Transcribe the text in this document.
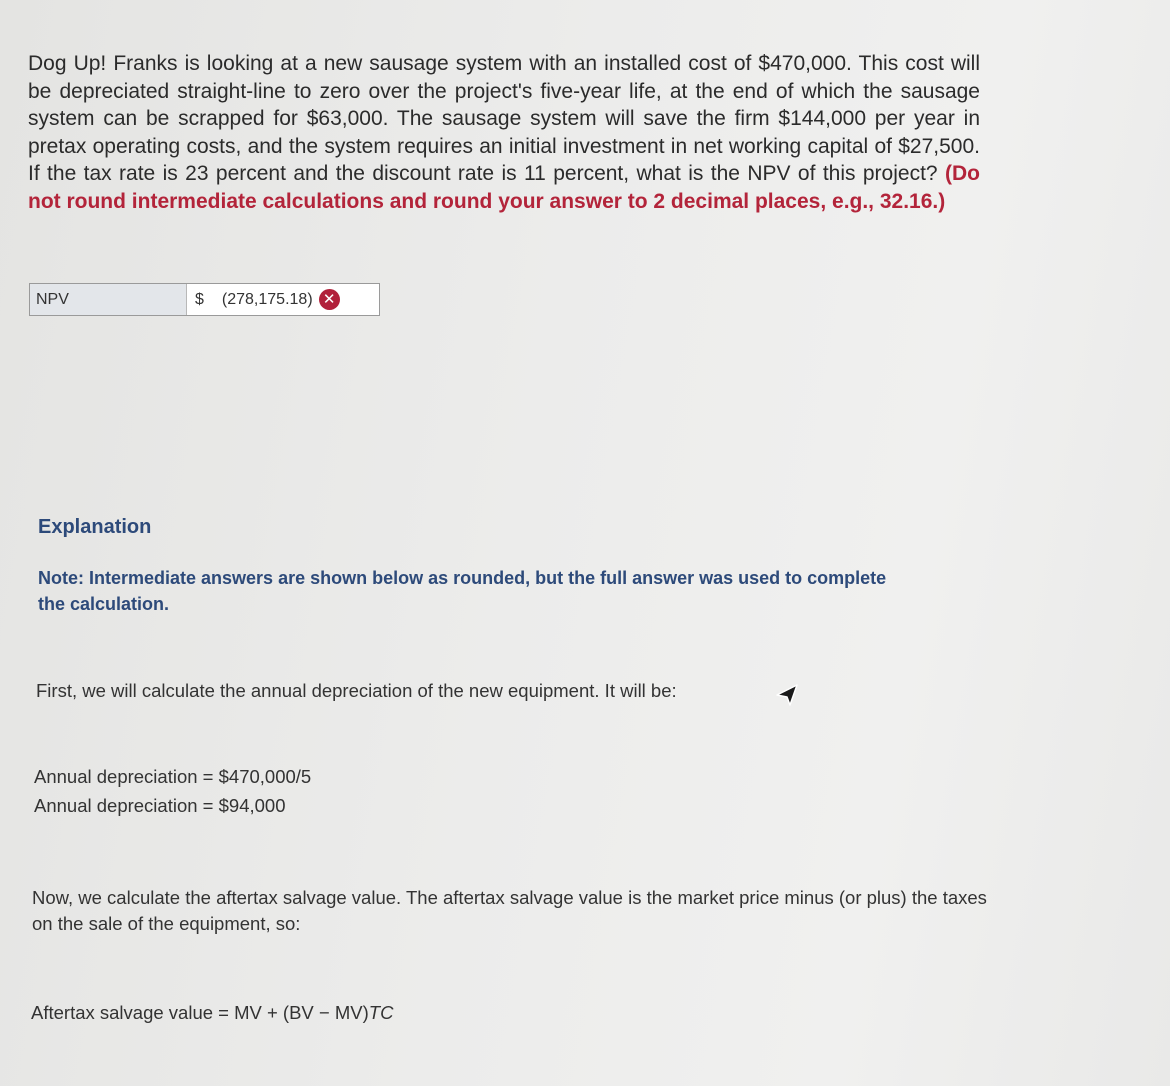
Dog Up! Franks is looking at a new sausage system with an installed cost of $470,000. This cost will be depreciated straight-line to zero over the project's five-year life, at the end of which the sausage system can be scrapped for $63,000. The sausage system will save the firm $144,000 per year in pretax operating costs, and the system requires an initial investment in net working capital of $27,500. If the tax rate is 23 percent and the discount rate is 11 percent, what is the NPV of this project? (Do not round intermediate calculations and round your answer to 2 decimal places, e.g., 32.16.)

NPV	$ (278,175.18) ✕
Explanation

Note: Intermediate answers are shown below as rounded, but the full answer was used to complete the calculation.

First, we will calculate the annual depreciation of the new equipment. It will be:

Annual depreciation = $470,000/5

Annual depreciation = $94,000

Now, we calculate the aftertax salvage value. The aftertax salvage value is the market price minus (or plus) the taxes on the sale of the equipment, so:

Aftertax salvage value = MV + (BV − MV)TC
